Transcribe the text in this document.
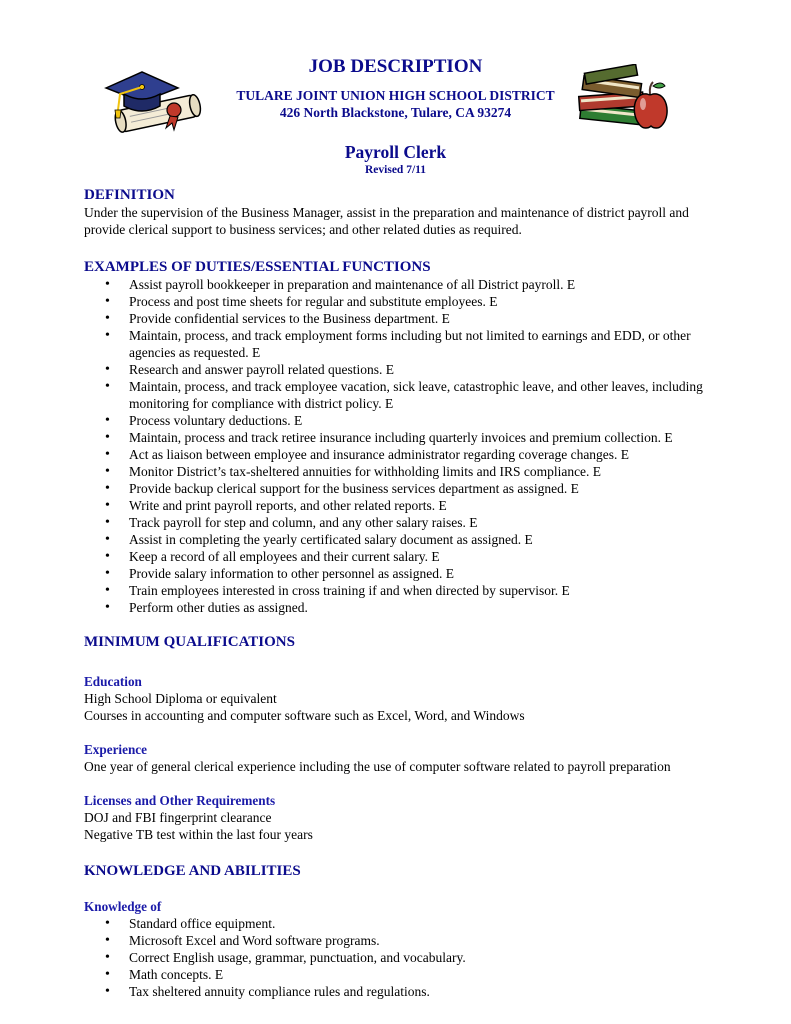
JOB DESCRIPTION
TULARE JOINT UNION HIGH SCHOOL DISTRICT
426 North Blackstone, Tulare, CA 93274
Payroll Clerk
Revised 7/11
DEFINITION

Under the supervision of the Business Manager, assist in the preparation and maintenance of district payroll and provide clerical support to business services; and other related duties as required.

EXAMPLES OF DUTIES/ESSENTIAL FUNCTIONS
• Assist payroll bookkeeper in preparation and maintenance of all District payroll. E
• Process and post time sheets for regular and substitute employees. E
• Provide confidential services to the Business department. E
• Maintain, process, and track employment forms including but not limited to earnings and EDD, or other agencies as requested. E
• Research and answer payroll related questions. E
• Maintain, process, and track employee vacation, sick leave, catastrophic leave, and other leaves, including monitoring for compliance with district policy. E
• Process voluntary deductions. E
• Maintain, process and track retiree insurance including quarterly invoices and premium collection. E
• Act as liaison between employee and insurance administrator regarding coverage changes. E
• Monitor District’s tax-sheltered annuities for withholding limits and IRS compliance. E
• Provide backup clerical support for the business services department as assigned. E
• Write and print payroll reports, and other related reports. E
• Track payroll for step and column, and any other salary raises. E
• Assist in completing the yearly certificated salary document as assigned. E
• Keep a record of all employees and their current salary. E
• Provide salary information to other personnel as assigned. E
• Train employees interested in cross training if and when directed by supervisor. E
• Perform other duties as assigned.
MINIMUM QUALIFICATIONS
Education

High School Diploma or equivalent

Courses in accounting and computer software such as Excel, Word, and Windows

Experience

One year of general clerical experience including the use of computer software related to payroll preparation

Licenses and Other Requirements

DOJ and FBI fingerprint clearance

Negative TB test within the last four years

KNOWLEDGE AND ABILITIES
Knowledge of
• Standard office equipment.
• Microsoft Excel and Word software programs.
• Correct English usage, grammar, punctuation, and vocabulary.
• Math concepts. E
• Tax sheltered annuity compliance rules and regulations.
